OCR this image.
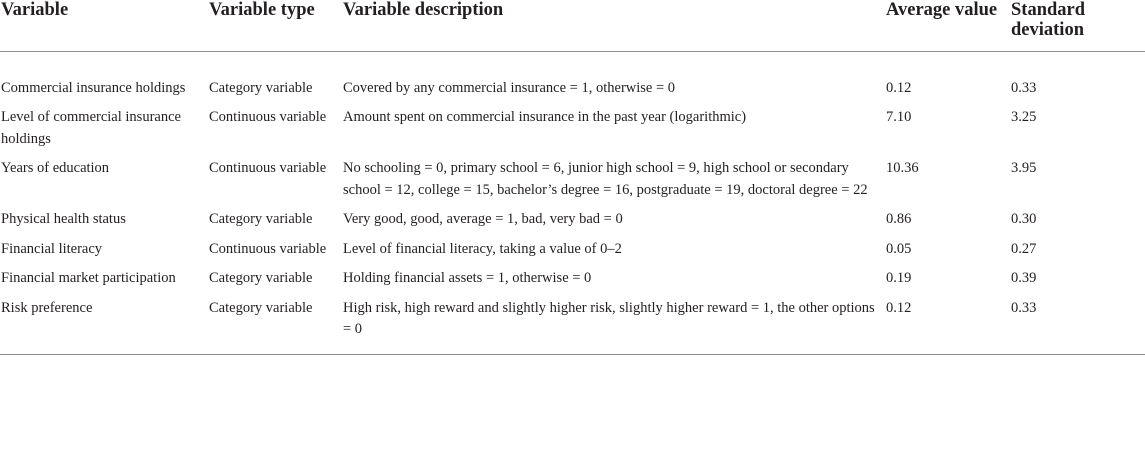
Variable	Variable type	Variable description	Average value	Standard deviation
Commercial insurance holdings	Category variable	Covered by any commercial insurance = 1, otherwise = 0	0.12	0.33
Level of commercial insurance holdings	Continuous variable	Amount spent on commercial insurance in the past year (logarithmic)	7.10	3.25
Years of education	Continuous variable	No schooling = 0, primary school = 6, junior high school = 9, high school or secondary school = 12, college = 15, bachelor’s degree = 16, postgraduate = 19, doctoral degree = 22	10.36	3.95
Physical health status	Category variable	Very good, good, average = 1, bad, very bad = 0	0.86	0.30
Financial literacy	Continuous variable	Level of financial literacy, taking a value of 0–2	0.05	0.27
Financial market participation	Category variable	Holding financial assets = 1, otherwise = 0	0.19	0.39
Risk preference	Category variable	High risk, high reward and slightly higher risk, slightly higher reward = 1, the other options = 0	0.12	0.33
